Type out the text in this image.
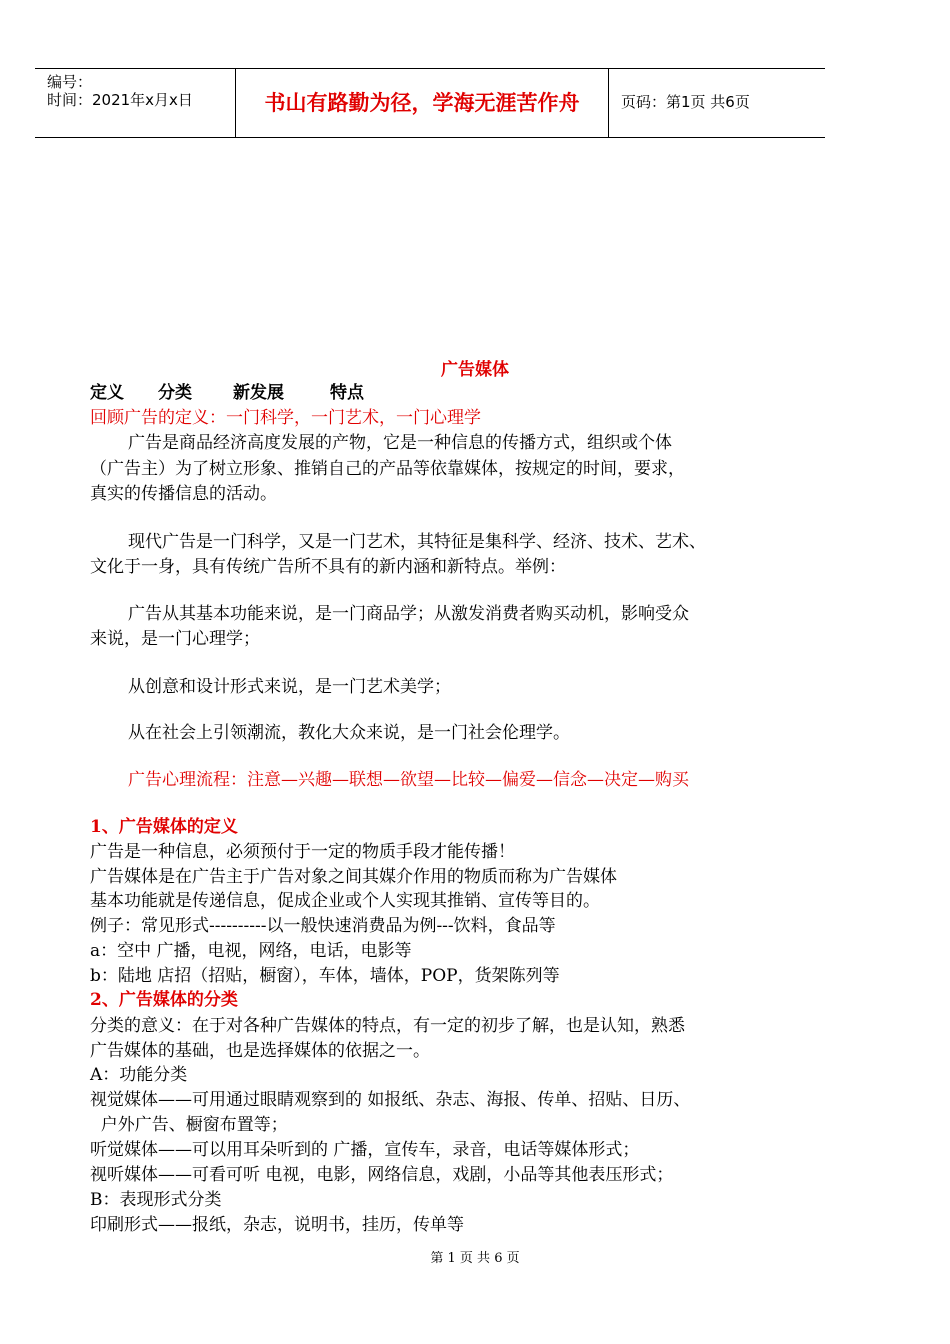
编号：
时间：2021年x月x日	书山有路勤为径，学海无涯苦作舟	页码：第1页 共6页
广告媒体
定义 分类 新发展	特点
回顾广告的定义：一门科学，一门艺术，一门心理学
广告是商品经济高度发展的产物，它是一种信息的传播方式，组织或个体
（广告主）为了树立形象、推销自己的产品等依靠媒体，按规定的时间，要求，
真实的传播信息的活动。
现代广告是一门科学，又是一门艺术，其特征是集科学、经济、技术、艺术、
文化于一身，具有传统广告所不具有的新内涵和新特点。举例：
广告从其基本功能来说，是一门商品学；从激发消费者购买动机，影响受众
来说，是一门心理学；
从创意和设计形式来说，是一门艺术美学；
从在社会上引领潮流，教化大众来说，是一门社会伦理学。
广告心理流程：注意—兴趣—联想—欲望—比较—偏爱—信念—决定—购买
1、广告媒体的定义
广告是一种信息，必须预付于一定的物质手段才能传播！
广告媒体是在广告主于广告对象之间其媒介作用的物质而称为广告媒体
基本功能就是传递信息，促成企业或个人实现其推销、宣传等目的。
例子：常见形式----------以一般快速消费品为例---饮料，食品等
a：空中 广播，电视，网络，电话，电影等
b：陆地 店招（招贴，橱窗），车体，墙体，POP，货架陈列等
2、广告媒体的分类
分类的意义：在于对各种广告媒体的特点，有一定的初步了解，也是认知，熟悉
广告媒体的基础，也是选择媒体的依据之一。
A：功能分类
视觉媒体——可用通过眼睛观察到的 如报纸、杂志、海报、传单、招贴、日历、
户外广告、橱窗布置等；
听觉媒体——可以用耳朵听到的 广播，宣传车，录音，电话等媒体形式；
视听媒体——可看可听 电视，电影，网络信息，戏剧，小品等其他表压形式；
B：表现形式分类
印刷形式——报纸，杂志，说明书，挂历，传单等
第 1 页 共 6 页
